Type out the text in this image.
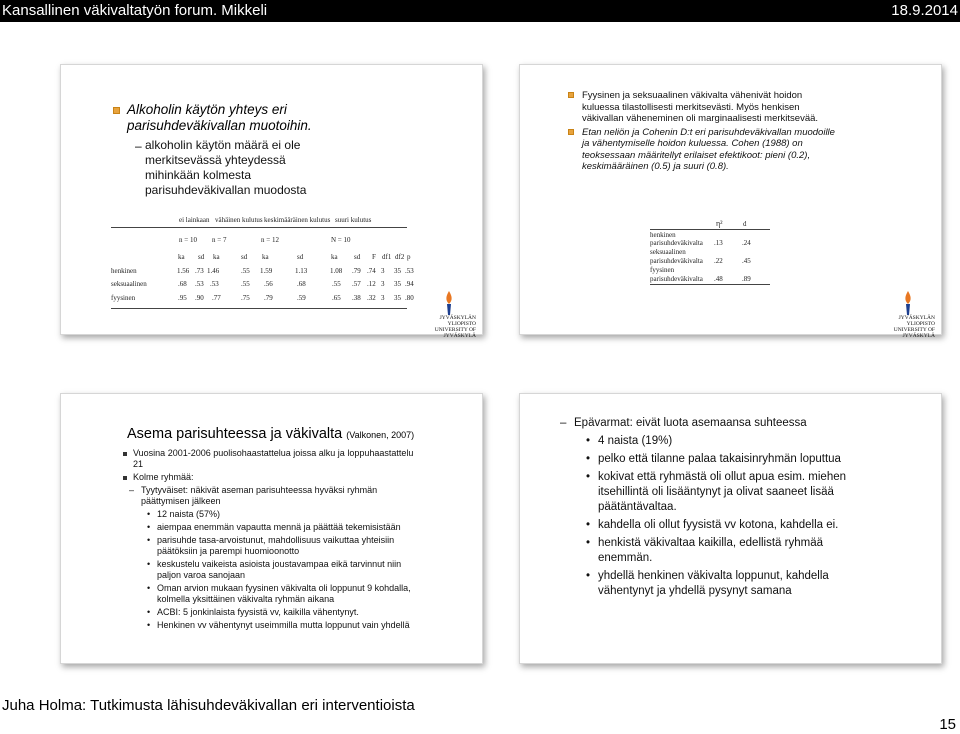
Kansallinen väkivaltatyön forum. Mikkeli	18.9.2014
Alkoholin käytön yhteys eri parisuhdeväkivallan muotoihin.
– alkoholin käytön määrä ei ole merkitsevässä yhteydessä mihinkään kolmesta parisuhdeväkivallan muodosta
ei lainkaan vähäinen kulutus keskimääräinen kulutus suuri kulutus
n = 10 n = 7	n = 12	N = 10
ka sd ka	sd ka	sd	ka sd F df1 df2 p
henkinen	1.56 .73 1.46	.55 1.59	1.13	1.08 .79 .74 3 35 .53
seksuaalinen	.68 .53 .53	.55 .56	.68	.55 .57 .12 3 35 .94
fyysinen	.95 .90 .77	.75 .79	.59	.65 .38 .32 3 35 .80
JYVÄSKYLÄN YLIOPISTO
UNIVERSITY OF JYVÄSKYLÄ

Fyysinen ja seksuaalinen väkivalta vähenivät hoidon kuluessa tilastollisesti merkitsevästi. Myös henkisen väkivallan väheneminen oli marginaalisesti merkitsevää.

Etan neliön ja Cohenin D:t eri parisuhdeväkivallan muodoille ja vähentymiselle hoidon kuluessa. Cohen (1988) on teoksessaan määritellyt erilaiset efektikoot: pieni (0.2), keskimääräinen (0.5) ja suuri (0.8).

η²	d
henkinen
parisuhdeväkivalta .13	.24
seksuaalinen
parisuhdeväkivalta .22	.45
fyysinen
parisuhdeväkivalta .48	.89
JYVÄSKYLÄN YLIOPISTO
UNIVERSITY OF JYVÄSKYLÄ
Asema parisuhteessa ja väkivalta (Valkonen, 2007)
Vuosina 2001-2006 puolisohaastattelua joissa alku ja loppuhaastattelu 21
Kolme ryhmää:
– Tyytyväiset: näkivät aseman parisuhteessa hyväksi ryhmän päättymisen jälkeen
• 12 naista (57%)
• aiempaa enemmän vapautta mennä ja päättää tekemisistään
• parisuhde tasa-arvoistunut, mahdollisuus vaikuttaa yhteisiin päätöksiin ja parempi huomioonotto
• keskustelu vaikeista asioista joustavampaa eikä tarvinnut niin paljon varoa sanojaan
• Oman arvion mukaan fyysinen väkivalta oli loppunut 9 kohdalla, kolmella yksittäinen väkivalta ryhmän aikana
• ACBI: 5 jonkinlaista fyysistä vv, kaikilla vähentynyt.
• Henkinen vv vähentynyt useimmilla mutta loppunut vain yhdellä
– Epävarmat: eivät luota asemaansa suhteessa
• 4 naista (19%)
• pelko että tilanne palaa takaisinryhmän loputtua
• kokivat että ryhmästä oli ollut apua esim. miehen itsehillintä oli lisääntynyt ja olivat saaneet lisää päätäntävaltaa.
• kahdella oli ollut fyysistä vv kotona, kahdella ei.
• henkistä väkivaltaa kaikilla, edellistä ryhmää enemmän.
• yhdellä henkinen väkivalta loppunut, kahdella vähentynyt ja yhdellä pysynyt samana
Juha Holma: Tutkimusta lähisuhdeväkivallan eri interventioista
15
